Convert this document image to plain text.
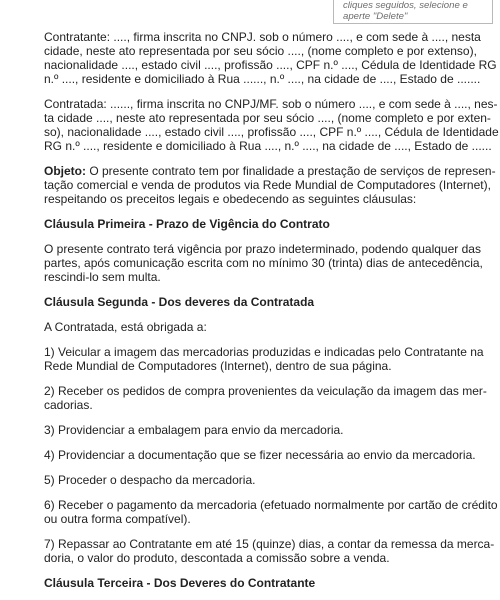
cliques seguidos, selecione e
aperte "Delete"
Contratante: ...., firma inscrita no CNPJ. sob o número ...., e com sede à ...., nesta
cidade, neste ato representada por seu sócio ...., (nome completo e por extenso),
nacionalidade ...., estado civil ...., profissão ...., CPF n.º ...., Cédula de Identidade RG
n.º ...., residente e domiciliado à Rua ......, n.º ...., na cidade de ...., Estado de .......
Contratada: ......, firma inscrita no CNPJ/MF. sob o número ...., e com sede à ...., nes-
ta cidade ...., neste ato representada por seu sócio ...., (nome completo e por exten-
so), nacionalidade ...., estado civil ...., profissão ...., CPF n.º ...., Cédula de Identidade
RG n.º ...., residente e domiciliado à Rua ...., n.º ...., na cidade de ...., Estado de ......
Objeto: O presente contrato tem por finalidade a prestação de serviços de represen-
tação comercial e venda de produtos via Rede Mundial de Computadores (Internet),
respeitando os preceitos legais e obedecendo as seguintes cláusulas:
Cláusula Primeira - Prazo de Vigência do Contrato
O presente contrato terá vigência por prazo indeterminado, podendo qualquer das
partes, após comunicação escrita com no mínimo 30 (trinta) dias de antecedência,
rescindi-lo sem multa.
Cláusula Segunda - Dos deveres da Contratada
A Contratada, está obrigada a:
1) Veicular a imagem das mercadorias produzidas e indicadas pelo Contratante na
Rede Mundial de Computadores (Internet), dentro de sua página.
2) Receber os pedidos de compra provenientes da veiculação da imagem das mer-
cadorias.
3) Providenciar a embalagem para envio da mercadoria.
4) Providenciar a documentação que se fizer necessária ao envio da mercadoria.
5) Proceder o despacho da mercadoria.
6) Receber o pagamento da mercadoria (efetuado normalmente por cartão de crédito
ou outra forma compatível).
7) Repassar ao Contratante em até 15 (quinze) dias, a contar da remessa da merca-
doria, o valor do produto, descontada a comissão sobre a venda.
Cláusula Terceira - Dos Deveres do Contratante
